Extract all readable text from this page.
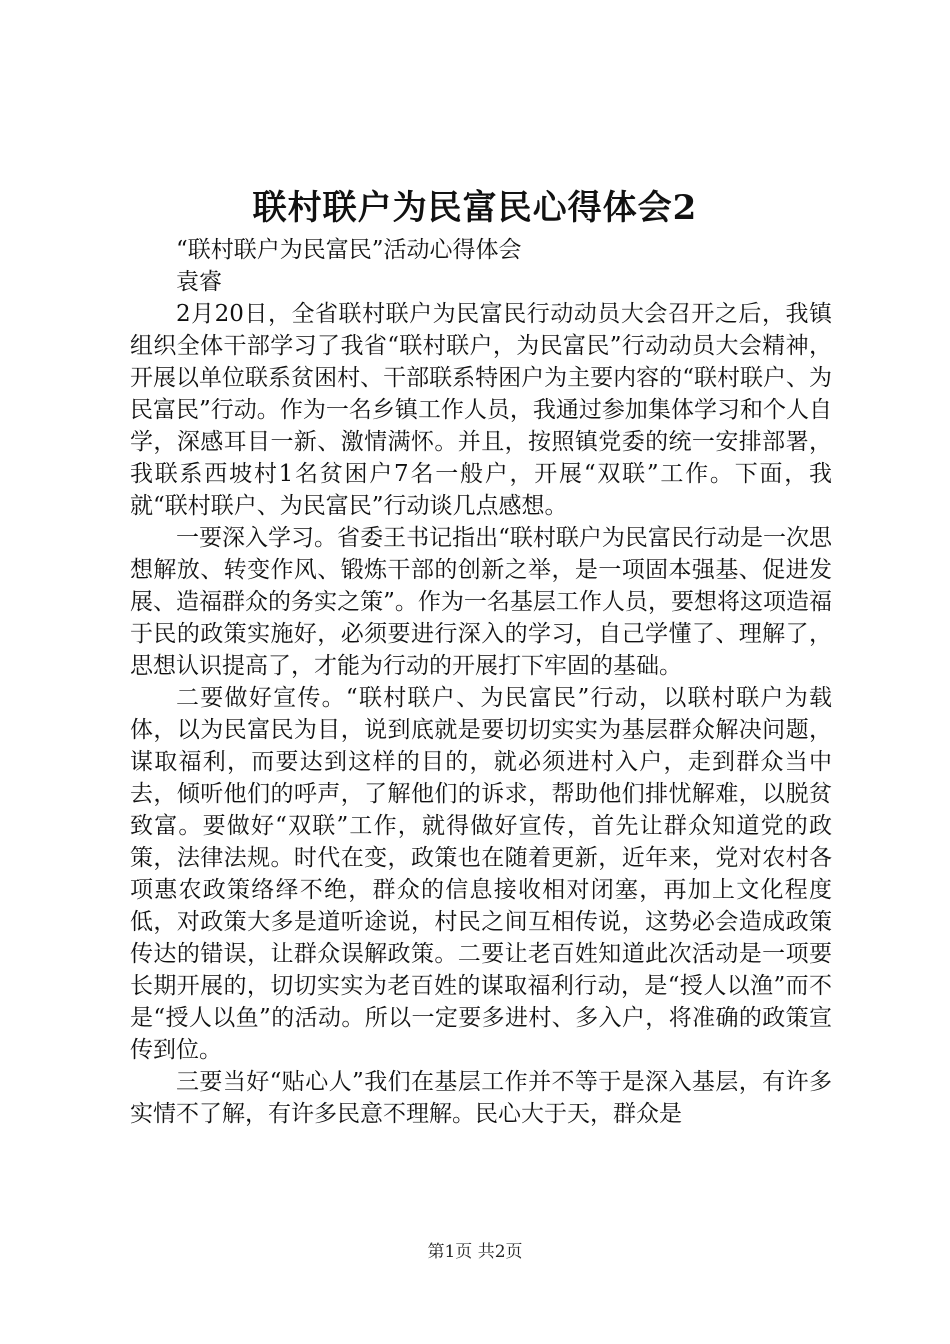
联村联户为民富民心得体会2

“联村联户为民富民”活动心得体会

袁睿

2月20日，全省联村联户为民富民行动动员大会召开之后，我镇组织全体干部学习了我省“联村联户，为民富民”行动动员大会精神，开展以单位联系贫困村、干部联系特困户为主要内容的“联村联户、为民富民”行动。作为一名乡镇工作人员，我通过参加集体学习和个人自学，深感耳目一新、激情满怀。并且，按照镇党委的统一安排部署，我联系西坡村1名贫困户7名一般户，开展“双联”工作。下面，我就“联村联户、为民富民”行动谈几点感想。

一要深入学习。省委王书记指出“联村联户为民富民行动是一次思想解放、转变作风、锻炼干部的创新之举，是一项固本强基、促进发展、造福群众的务实之策”。作为一名基层工作人员，要想将这项造福于民的政策实施好，必须要进行深入的学习，自己学懂了、理解了，思想认识提高了，才能为行动的开展打下牢固的基础。

二要做好宣传。“联村联户、为民富民”行动，以联村联户为载体，以为民富民为目，说到底就是要切切实实为基层群众解决问题，谋取福利，而要达到这样的目的，就必须进村入户，走到群众当中去，倾听他们的呼声，了解他们的诉求，帮助他们排忧解难，以脱贫致富。要做好“双联”工作，就得做好宣传，首先让群众知道党的政策，法律法规。时代在变，政策也在随着更新，近年来，党对农村各项惠农政策络绎不绝，群众的信息接收相对闭塞，再加上文化程度低，对政策大多是道听途说，村民之间互相传说，这势必会造成政策传达的错误，让群众误解政策。二要让老百姓知道此次活动是一项要长期开展的，切切实实为老百姓的谋取福利行动，是“授人以渔”而不是“授人以鱼”的活动。所以一定要多进村、多入户，将准确的政策宣传到位。

三要当好“贴心人”我们在基层工作并不等于是深入基层，有许多实情不了解，有许多民意不理解。民心大于天，群众是

第1页 共2页
